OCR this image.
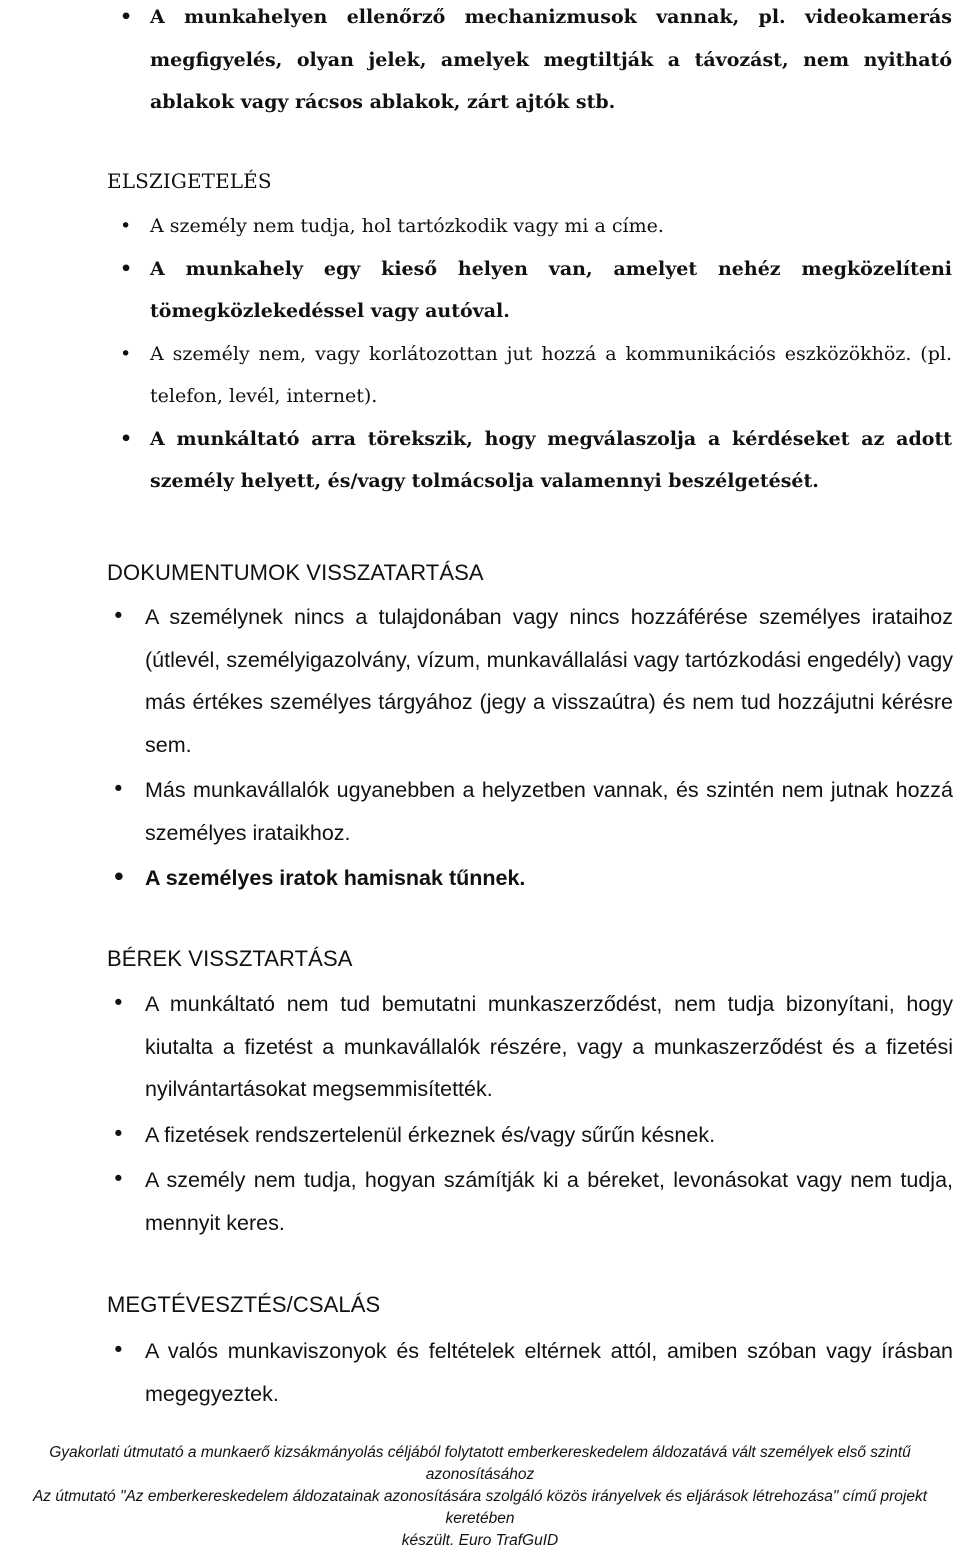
• A munkahelyen ellenőrző mechanizmusok vannak, pl. videokamerás megfigyelés, olyan jelek, amelyek megtiltják a távozást, nem nyitható ablakok vagy rácsos ablakok, zárt ajtók stb.
ELSZIGETELÉS
• A személy nem tudja, hol tartózkodik vagy mi a címe.
• A munkahely egy kieső helyen van, amelyet nehéz megközelíteni tömegközlekedéssel vagy autóval.
• A személy nem, vagy korlátozottan jut hozzá a kommunikációs eszközökhöz. (pl. telefon, levél, internet).
• A munkáltató arra törekszik, hogy megválaszolja a kérdéseket az adott személy helyett, és/vagy tolmácsolja valamennyi beszélgetését.
DOKUMENTUMOK VISSZATARTÁSA
• A személynek nincs a tulajdonában vagy nincs hozzáférése személyes irataihoz (útlevél, személyigazolvány, vízum, munkavállalási vagy tartózkodási engedély) vagy más értékes személyes tárgyához (jegy a visszaútra) és nem tud hozzájutni kérésre sem.
• Más munkavállalók ugyanebben a helyzetben vannak, és szintén nem jutnak hozzá személyes irataikhoz.
• A személyes iratok hamisnak tűnnek.
BÉREK VISSZTARTÁSA
• A munkáltató nem tud bemutatni munkaszerződést, nem tudja bizonyítani, hogy kiutalta a fizetést a munkavállalók részére, vagy a munkaszerződést és a fizetési nyilvántartásokat megsemmisítették.
• A fizetések rendszertelenül érkeznek és/vagy sűrűn késnek.
• A személy nem tudja, hogyan számítják ki a béreket, levonásokat vagy nem tudja, mennyit keres.
MEGTÉVESZTÉS/CSALÁS
• A valós munkaviszonyok és feltételek eltérnek attól, amiben szóban vagy írásban megegyeztek.
Gyakorlati útmutató a munkaerő kizsákmányolás céljából folytatott emberkereskedelem áldozatává vált személyek első szintű azonosításához
Az útmutató "Az emberkereskedelem áldozatainak azonosítására szolgáló közös irányelvek és eljárások létrehozása" című projekt keretében
készült. Euro TrafGuID
